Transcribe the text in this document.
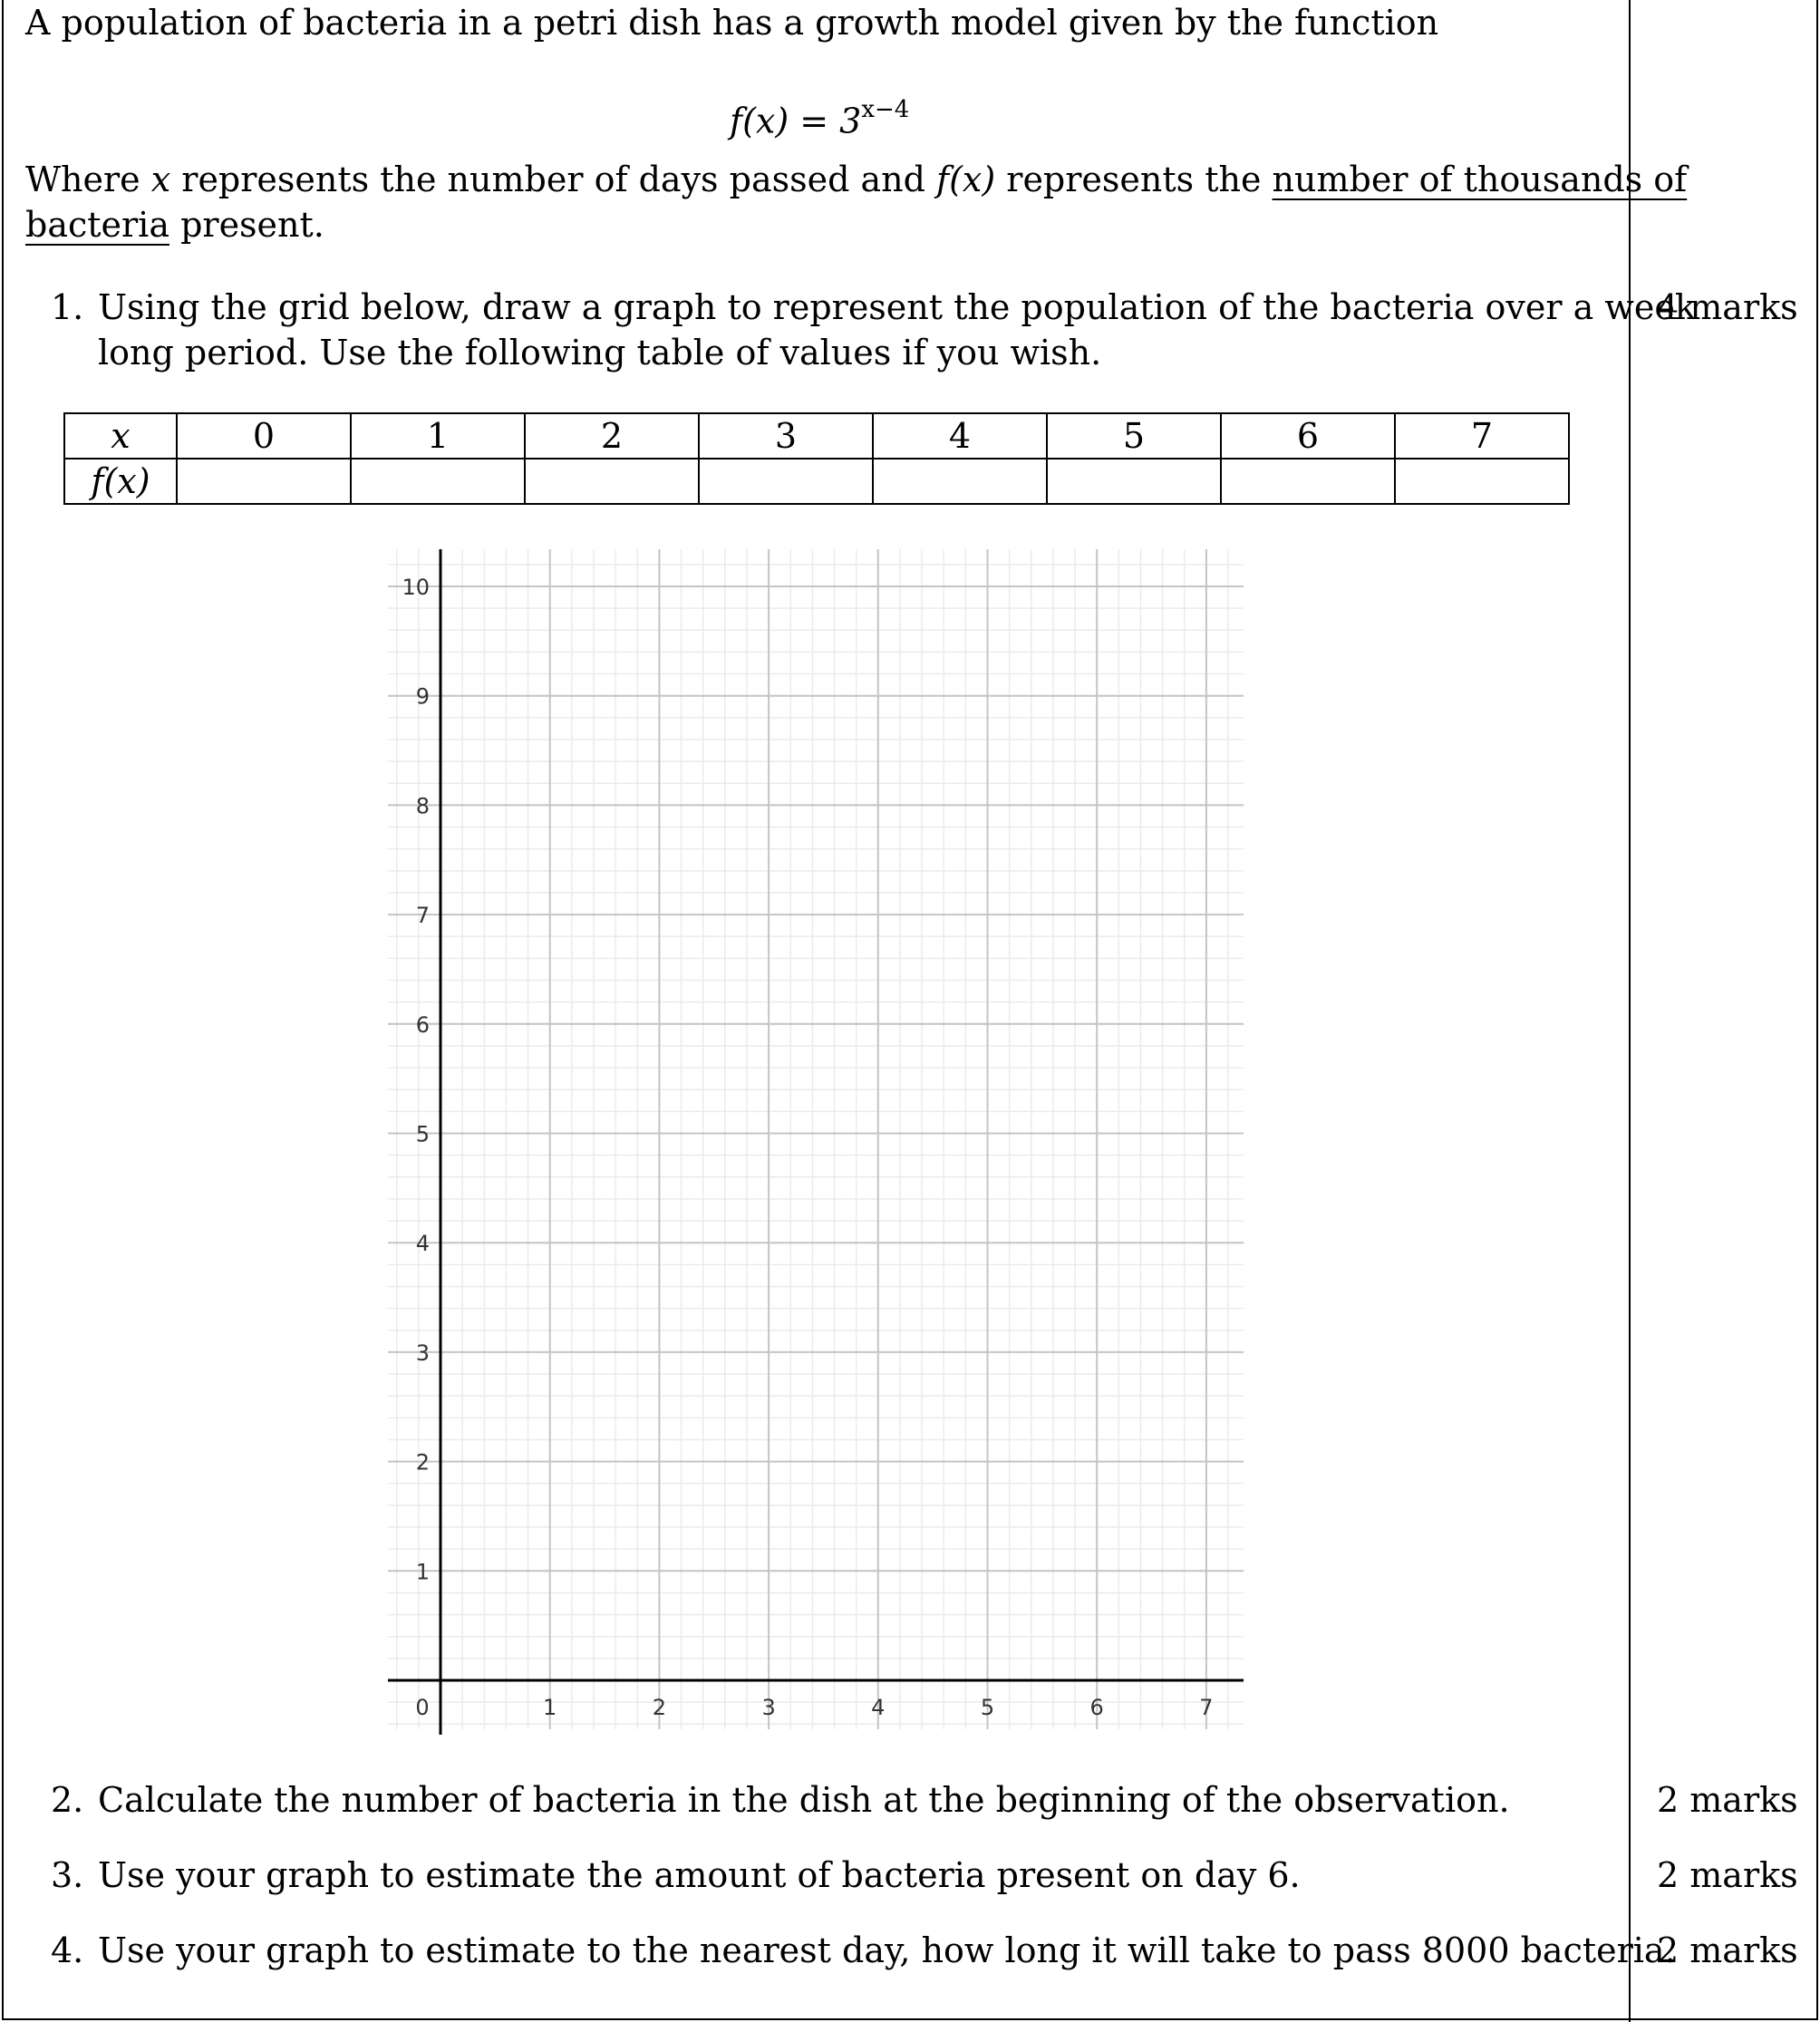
A population of bacteria in a petri dish has a growth model given by the function
$f(x) = 3^{x-4}$
Where x represents the number of days passed and f(x) represents the number of thousands of
bacteria present.
1. Using the grid below, draw a graph to represent the population of the bacteria over a week
long period. Use the following table of values if you wish.
4 marks
x	0	1	2	3	4	5	6	7
f(x)								
1	2	3	4	5	6	7
1
2
3
4
5
6
7
8
9
10
0
2. Calculate the number of bacteria in the dish at the beginning of the observation.	2 marks
3. Use your graph to estimate the amount of bacteria present on day 6.	2 marks
4. Use your graph to estimate to the nearest day, how long it will take to pass 8000 bacteria.
2 marks
